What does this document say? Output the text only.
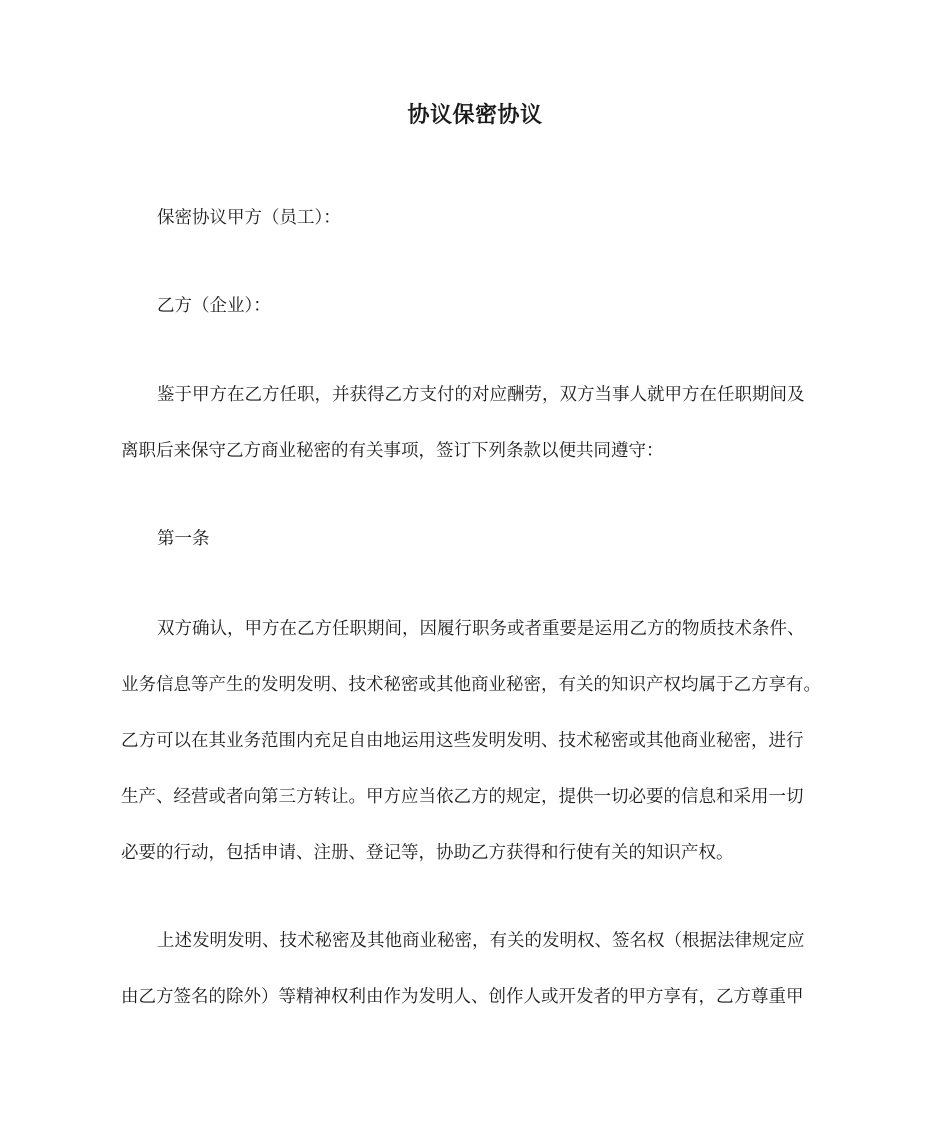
协议保密协议

保密协议甲方（员工）：

乙方（企业）：

鉴于甲方在乙方任职，并获得乙方支付的对应酬劳，双方当事人就甲方在任职期间及

离职后来保守乙方商业秘密的有关事项，签订下列条款以便共同遵守：

第一条

双方确认，甲方在乙方任职期间，因履行职务或者重要是运用乙方的物质技术条件、

业务信息等产生的发明发明、技术秘密或其他商业秘密，有关的知识产权均属于乙方享有。

乙方可以在其业务范围内充足自由地运用这些发明发明、技术秘密或其他商业秘密，进行

生产、经营或者向第三方转让。甲方应当依乙方的规定，提供一切必要的信息和采用一切

必要的行动，包括申请、注册、登记等，协助乙方获得和行使有关的知识产权。

上述发明发明、技术秘密及其他商业秘密，有关的发明权、签名权（根据法律规定应

由乙方签名的除外）等精神权利由作为发明人、创作人或开发者的甲方享有，乙方尊重甲
